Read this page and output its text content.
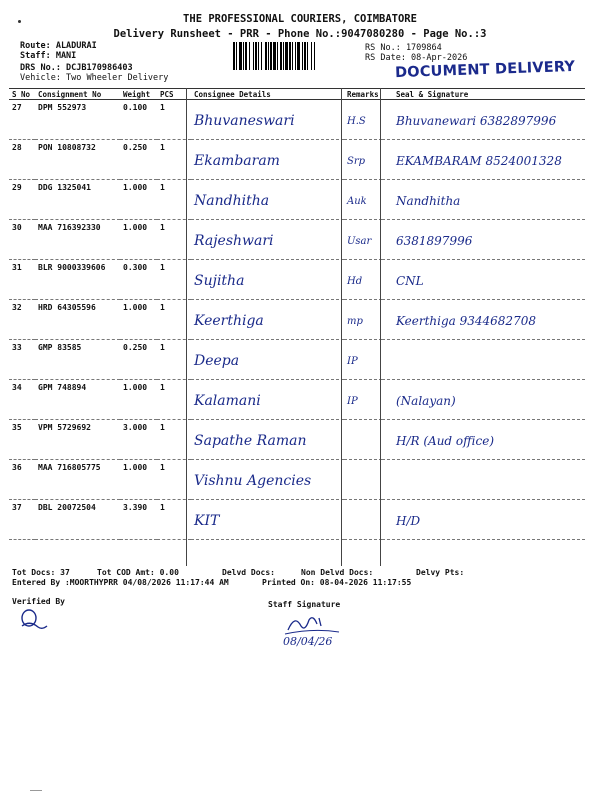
THE PROFESSIONAL COURIERS, COIMBATORE
Delivery Runsheet - PRR - Phone No.:9047080280 - Page No.:3
Route: ALADURAI
Staff: MANI
DRS No.: DCJB170986403
Vehicle: Two Wheeler Delivery
RS No.: 1709864
RS Date: 08-Apr-2026
DOCUMENT DELIVERY
S No	Consignment No	Weight	PCS	Consignee Details	Remarks	Seal & Signature
27	DPM 552973	0.100	1	Bhuvaneswari	H.S	Bhuvanewari 6382897996
28	PON 10808732	0.250	1	Ekambaram	Srp	EKAMBARAM 8524001328
29	DDG 1325041	1.000	1	Nandhitha	Auk	Nandhitha
30	MAA 716392330	1.000	1	Rajeshwari	Usar	6381897996
31	BLR 9000339606	0.300	1	Sujitha	Hd	CNL
32	HRD 64305596	1.000	1	Keerthiga	mp	Keerthiga 9344682708
33	GMP 83585	0.250	1	Deepa	IP	
34	GPM 748894	1.000	1	Kalamani	IP	(Nalayan)
35	VPM 5729692	3.000	1	Sapathe Raman		H/R (Aud office)
36	MAA 716805775	1.000	1	Vishnu Agencies		
37	DBL 20072504	3.390	1	KIT		H/D
Tot Docs: 37	Tot COD Amt: 0.00	Delvd Docs:	Non Delvd Docs:	Delvy Pts:
Entered By :MOORTHYPRR 04/08/2026 11:17:44 AM	Printed On: 08-04-2026 11:17:55
Verified By	Staff Signature
08/04/26
